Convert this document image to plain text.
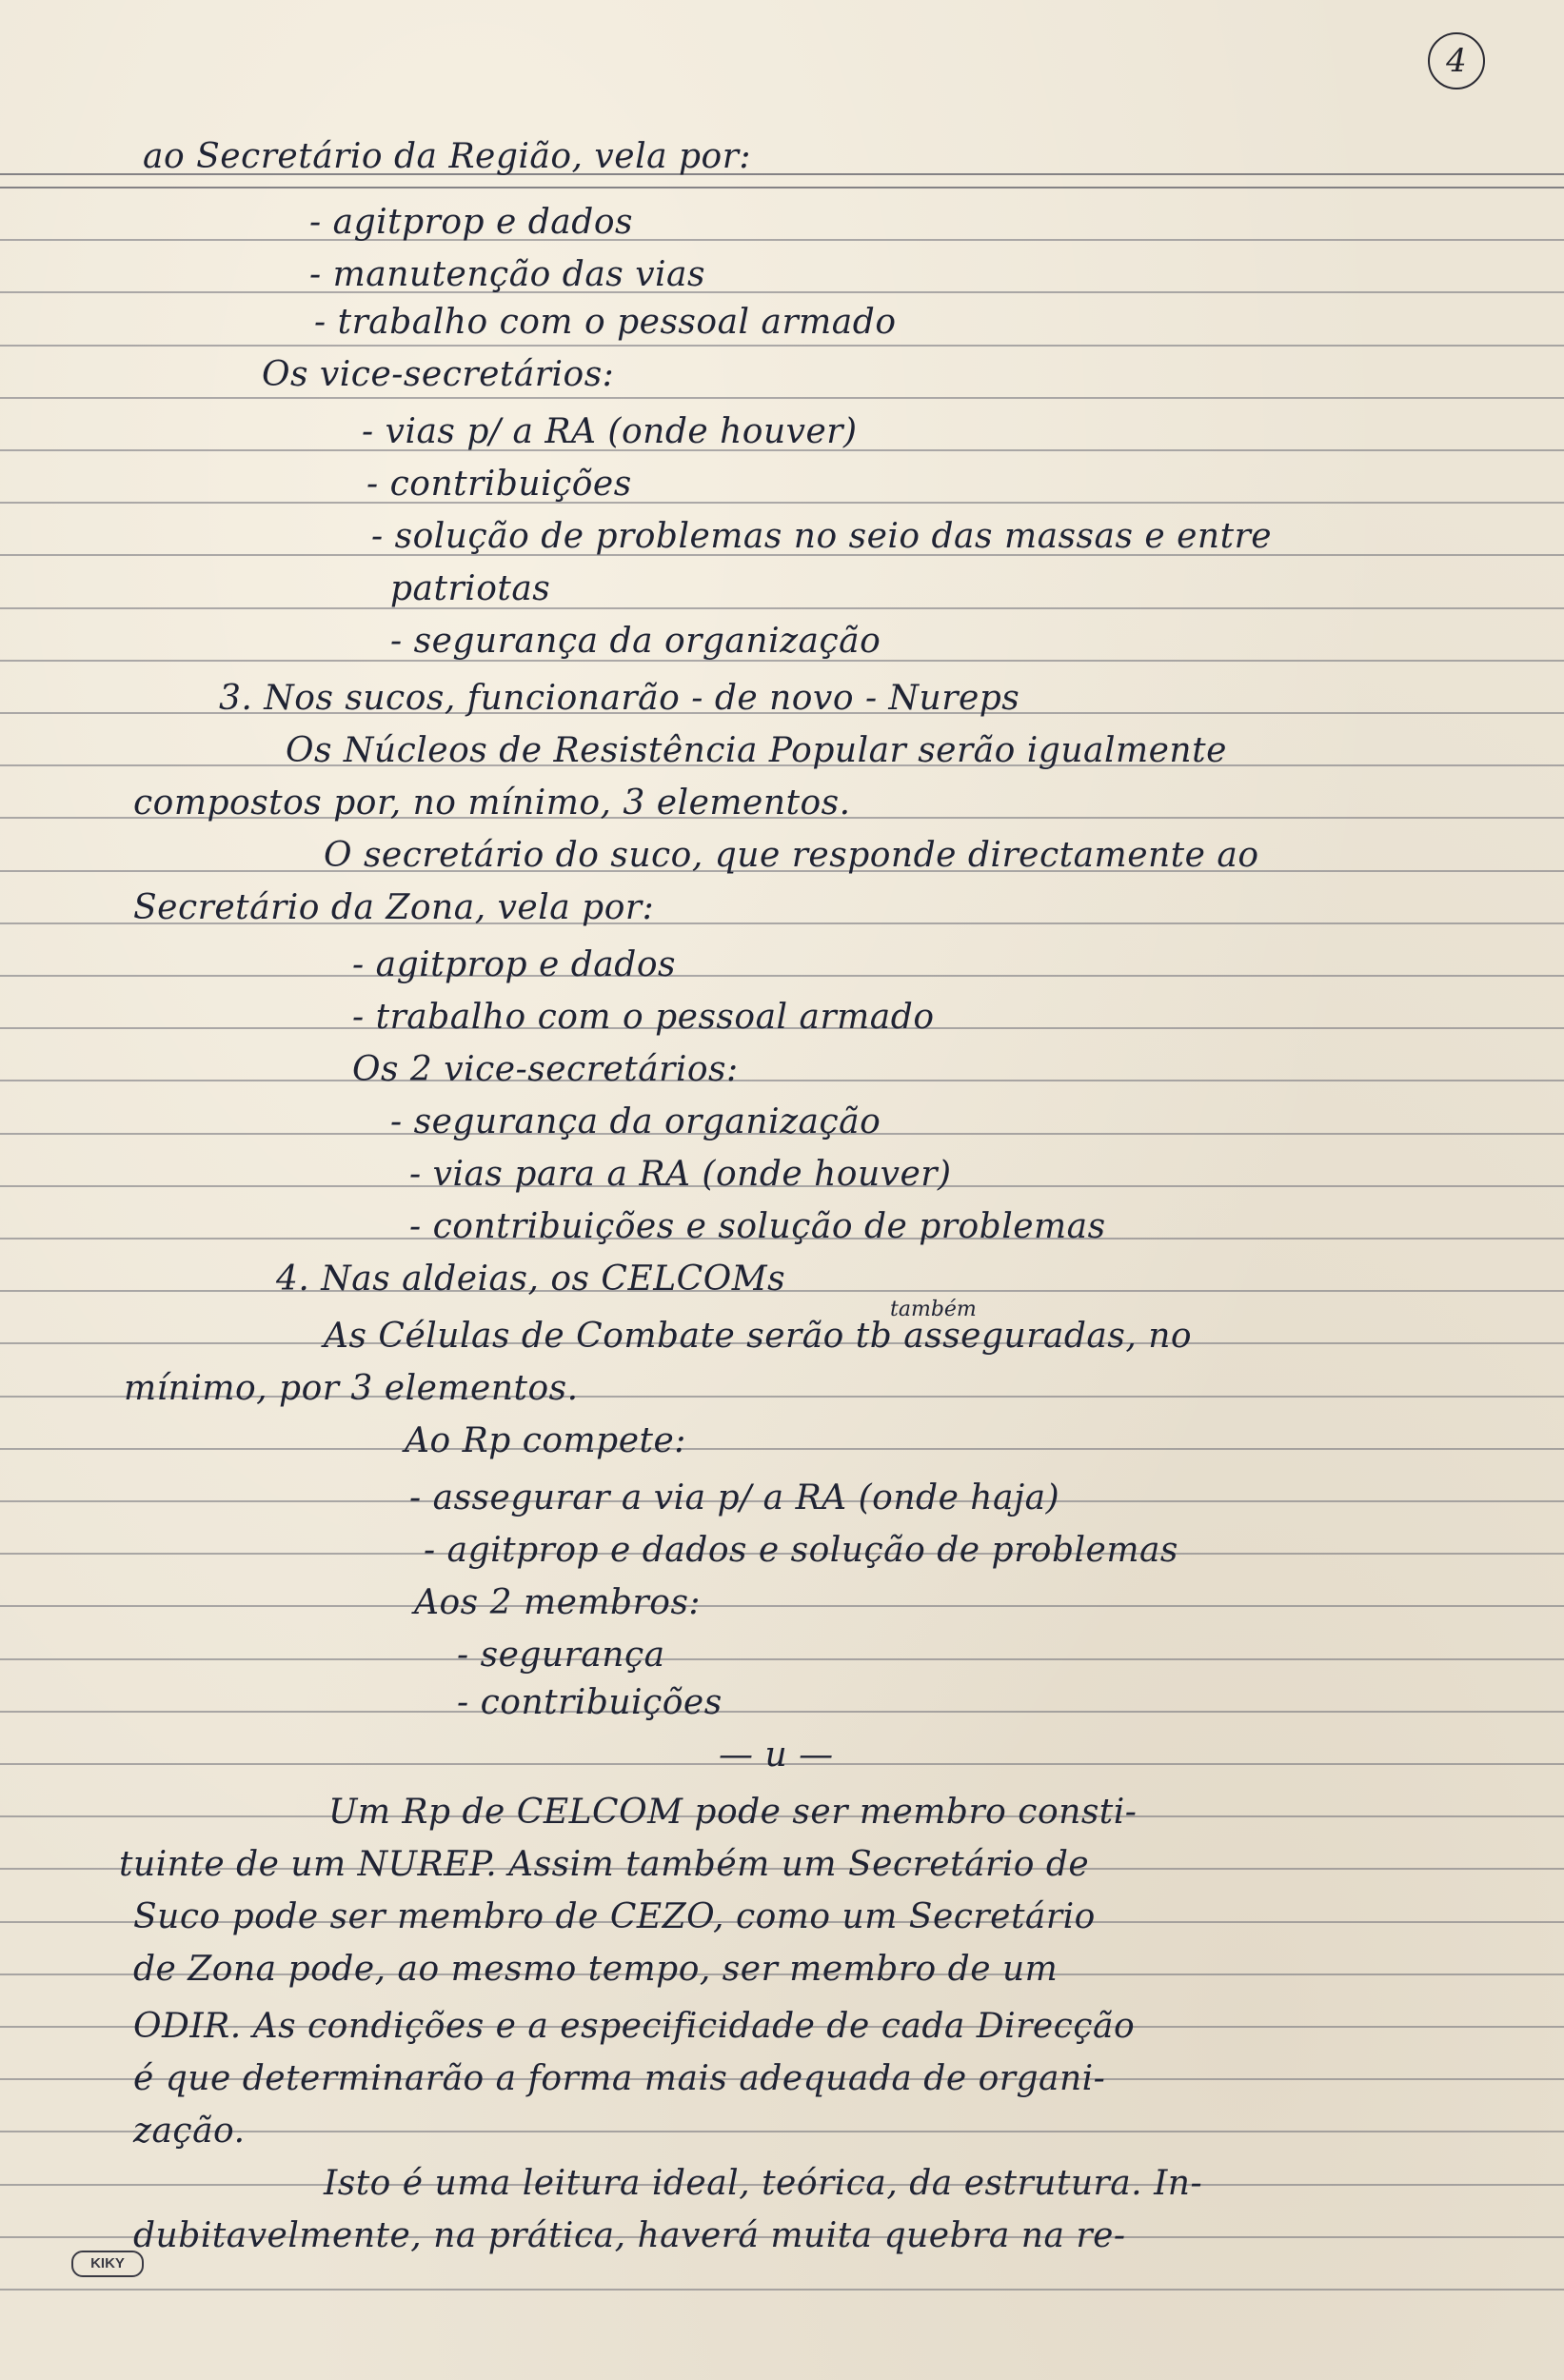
4
ao Secretário da Região, vela por:
- agitprop e dados
- manutenção das vias
- trabalho com o pessoal armado
Os vice-secretários:
- vias p/ a RA (onde houver)
- contribuições
- solução de problemas no seio das massas e entre
patriotas
- segurança da organização
3. Nos sucos, funcionarão - de novo - Nureps
Os Núcleos de Resistência Popular serão igualmente
compostos por, no mínimo, 3 elementos.
O secretário do suco, que responde directamente ao
Secretário da Zona, vela por:
- agitprop e dados
- trabalho com o pessoal armado
Os 2 vice-secretários:
- segurança da organização
- vias para a RA (onde houver)
- contribuições e solução de problemas
4. Nas aldeias, os CELCOMs
também
As Células de Combate serão tb asseguradas, no
mínimo, por 3 elementos.
Ao Rp compete:
- assegurar a via p/ a RA (onde haja)
- agitprop e dados e solução de problemas
Aos 2 membros:
- segurança
- contribuições
— u —
Um Rp de CELCOM pode ser membro consti-
tuinte de um NUREP. Assim também um Secretário de
Suco pode ser membro de CEZO, como um Secretário
de Zona pode, ao mesmo tempo, ser membro de um
ODIR. As condições e a especificidade de cada Direcção
é que determinarão a forma mais adequada de organi-
zação.
Isto é uma leitura ideal, teórica, da estrutura. In-
dubitavelmente, na prática, haverá muita quebra na re-
KIKY
